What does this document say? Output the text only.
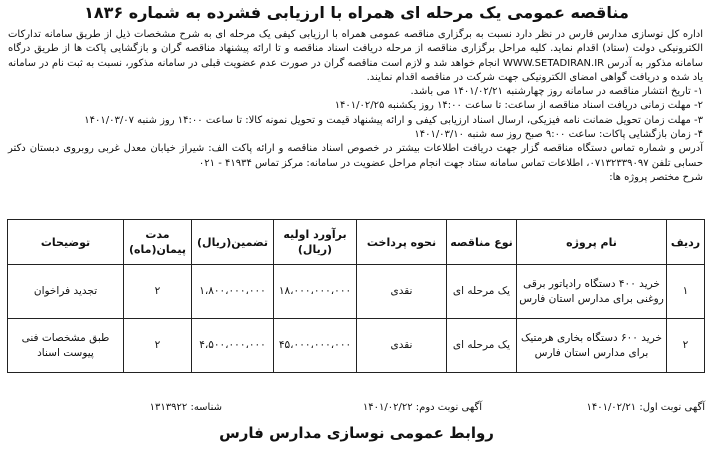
مناقصه عمومی یک مرحله ای همراه با ارزیابی فشرده به شماره ۱۸۳۶

اداره کل نوسازی مدارس فارس در نظر دارد نسبت به برگزاری مناقصه عمومی همراه با ارزیابی کیفی یک مرحله ای به شرح مشخصات ذیل از طریق سامانه تدارکات الکترونیکی دولت (ستاد) اقدام نماید. کلیه مراحل برگزاری مناقصه از مرحله دریافت اسناد مناقصه و تا ارائه پیشنهاد مناقصه گران و بازگشایی پاکت ها از طریق درگاه سامانه مذکور به آدرس WWW.SETADIRAN.IR انجام خواهد شد و لازم است مناقصه گران در صورت عدم عضویت قبلی در سامانه مذکور، نسبت به ثبت نام در سامانه یاد شده و دریافت گواهی امضای الکترونیکی جهت شرکت در مناقصه اقدام نمایند.

۱- تاریخ انتشار مناقصه در سامانه روز چهارشنبه ۱۴۰۱/۰۲/۲۱ می باشد.

۲- مهلت زمانی دریافت اسناد مناقصه از ساعت: تا ساعت ۱۴:۰۰ روز یکشنبه ۱۴۰۱/۰۲/۲۵

۳- مهلت زمان تحویل ضمانت نامه فیزیکی، ارسال اسناد ارزیابی کیفی و ارائه پیشنهاد قیمت و تحویل نمونه کالا: تا ساعت ۱۴:۰۰ روز شنبه ۱۴۰۱/۰۳/۰۷

۴- زمان بازگشایی پاکات: ساعت ۹:۰۰ صبح روز سه شنبه ۱۴۰۱/۰۳/۱۰

آدرس و شماره تماس دستگاه مناقصه گزار جهت دریافت اطلاعات بیشتر در خصوص اسناد مناقصه و ارائه پاکت الف: شیراز خیابان معدل غربی روبروی دبستان دکتر حسابی تلفن ۰۷۱۳۲۳۳۹۰۹۷، اطلاعات تماس سامانه ستاد جهت انجام مراحل عضویت در سامانه: مرکز تماس ۴۱۹۳۴ - ۰۲۱

شرح مختصر پروژه ها:

ردیف	نام پروژه	نوع مناقصه	نحوه پرداخت	برآورد اولیه (ریال)	تضمین(ریال)	مدت پیمان(ماه)	توضیحات
۱	خرید ۴۰۰ دستگاه رادیاتور برقی روغنی برای مدارس استان فارس	یک مرحله ای	نقدی	۱۸،۰۰۰،۰۰۰،۰۰۰	۱،۸۰۰،۰۰۰،۰۰۰	۲	تجدید فراخوان
۲	خرید ۶۰۰ دستگاه بخاری هرمتیک برای مدارس استان فارس	یک مرحله ای	نقدی	۴۵،۰۰۰،۰۰۰،۰۰۰	۴،۵۰۰،۰۰۰،۰۰۰	۲	طبق مشخصات فنی پیوست اسناد
آگهی نوبت اول: ۱۴۰۱/۰۲/۲۱
آگهی نوبت دوم: ۱۴۰۱/۰۲/۲۲
شناسه: ۱۳۱۳۹۲۲
روابط عمومی نوسازی مدارس فارس
